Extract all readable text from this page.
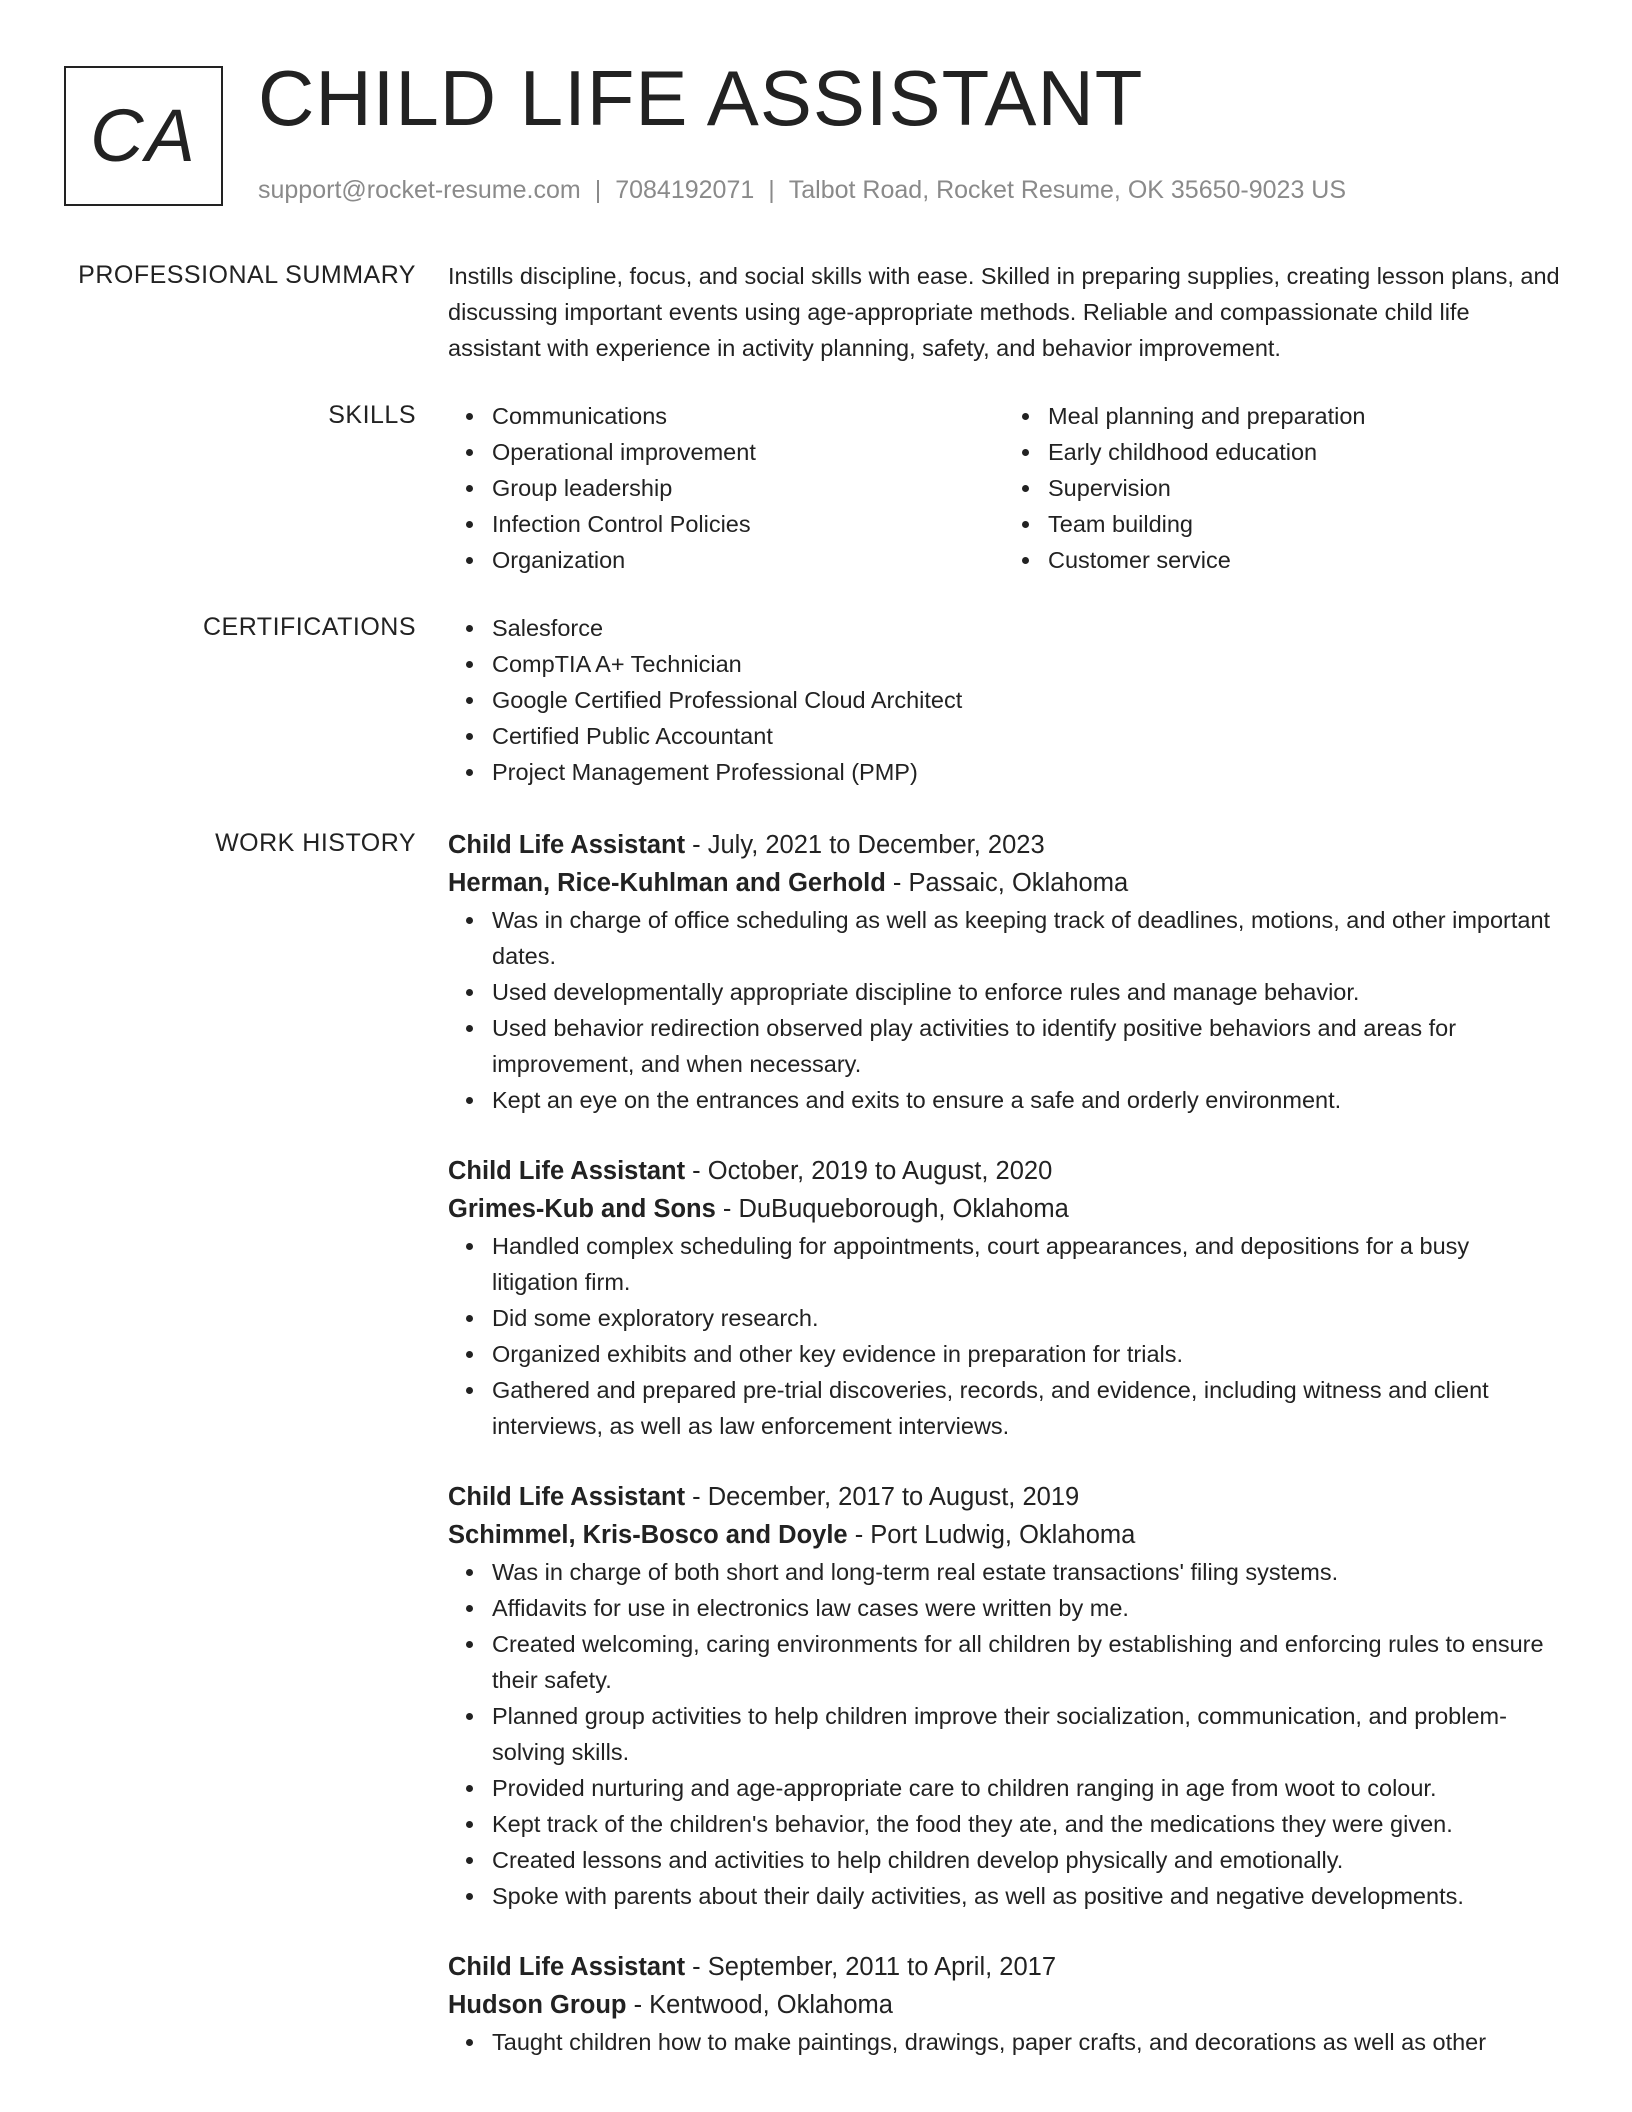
CA CHILD LIFE ASSISTANT
support@rocket-resume.com | 7084192071 | Talbot Road, Rocket Resume, OK 35650-9023 US
PROFESSIONAL SUMMARY Instills discipline, focus, and social skills with ease. Skilled in preparing supplies, creating lesson plans, and discussing important events using age-appropriate methods. Reliable and compassionate child life assistant with experience in activity planning, safety, and behavior improvement.
SKILLS	Communications
Operational improvement
Group leadership
Infection Control Policies
Organization
Meal planning and preparation
Early childhood education
Supervision
Team building
Customer service
CERTIFICATIONS	Salesforce
CompTIA A+ Technician
Google Certified Professional Cloud Architect
Certified Public Accountant
Project Management Professional (PMP)
WORK HISTORY Child Life Assistant - July, 2021 to December, 2023
Herman, Rice-Kuhlman and Gerhold - Passaic, Oklahoma
Was in charge of office scheduling as well as keeping track of deadlines, motions, and other important dates.
Used developmentally appropriate discipline to enforce rules and manage behavior.
Used behavior redirection observed play activities to identify positive behaviors and areas for improvement, and when necessary.
Kept an eye on the entrances and exits to ensure a safe and orderly environment.
Child Life Assistant - October, 2019 to August, 2020
Grimes-Kub and Sons - DuBuqueborough, Oklahoma
Handled complex scheduling for appointments, court appearances, and depositions for a busy litigation firm.
Did some exploratory research.
Organized exhibits and other key evidence in preparation for trials.
Gathered and prepared pre-trial discoveries, records, and evidence, including witness and client interviews, as well as law enforcement interviews.
Child Life Assistant - December, 2017 to August, 2019
Schimmel, Kris-Bosco and Doyle - Port Ludwig, Oklahoma
Was in charge of both short and long-term real estate transactions' filing systems.
Affidavits for use in electronics law cases were written by me.
Created welcoming, caring environments for all children by establishing and enforcing rules to ensure their safety.
Planned group activities to help children improve their socialization, communication, and problem-solving skills.
Provided nurturing and age-appropriate care to children ranging in age from woot to colour.
Kept track of the children's behavior, the food they ate, and the medications they were given.
Created lessons and activities to help children develop physically and emotionally.
Spoke with parents about their daily activities, as well as positive and negative developments.
Child Life Assistant - September, 2011 to April, 2017
Hudson Group - Kentwood, Oklahoma
Taught children how to make paintings, drawings, paper crafts, and decorations as well as other
